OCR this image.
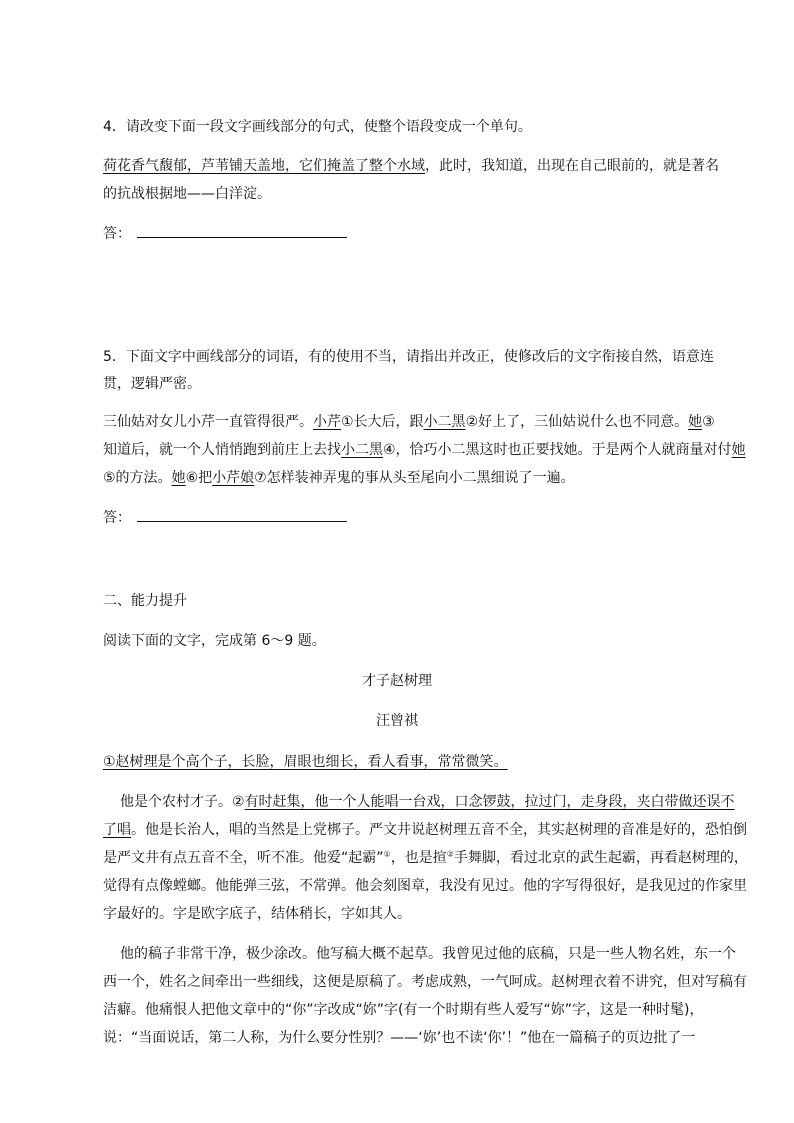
4．请改变下面一段文字画线部分的句式，使整个语段变成一个单句。
荷花香气馥郁，芦苇铺天盖地，它们掩盖了整个水域，此时，我知道，出现在自己眼前的，就是著名
的抗战根据地——白洋淀。
答：
5．下面文字中画线部分的词语，有的使用不当，请指出并改正，使修改后的文字衔接自然，语意连
贯，逻辑严密。
三仙姑对女儿小芹一直管得很严。小芹①长大后，跟小二黑②好上了，三仙姑说什么也不同意。她③
知道后，就一个人悄悄跑到前庄上去找小二黑④，恰巧小二黑这时也正要找她。于是两个人就商量对付她
⑤的方法。她⑥把小芹娘⑦怎样装神弄鬼的事从头至尾向小二黑细说了一遍。
答：
二、能力提升
阅读下面的文字，完成第 6～9 题。
才子赵树理
汪曾祺
①赵树理是个高个子，长脸，眉眼也细长，看人看事，常常微笑。
他是个农村才子。②有时赶集，他一个人能唱一台戏，口念锣鼓，拉过门，走身段，夹白带做还误不
了唱。他是长治人，唱的当然是上党梆子。严文井说赵树理五音不全，其实赵树理的音准是好的，恐怕倒
是严文井有点五音不全，听不准。他爱“起霸”①，也是揎②手舞脚，看过北京的武生起霸，再看赵树理的，
觉得有点像螳螂。他能弹三弦，不常弹。他会刻图章，我没有见过。他的字写得很好，是我见过的作家里
字最好的。字是欧字底子，结体稍长，字如其人。
他的稿子非常干净，极少涂改。他写稿大概不起草。我曾见过他的底稿，只是一些人物名姓，东一个
西一个，姓名之间牵出一些细线，这便是原稿了。考虑成熟，一气呵成。赵树理衣着不讲究，但对写稿有
洁癖。他痛恨人把他文章中的“你”字改成“妳”字(有一个时期有些人爱写“妳”字，这是一种时髦)，
说：“当面说话，第二人称，为什么要分性别？——‘妳’也不读‘你’！”他在一篇稿子的页边批了一
